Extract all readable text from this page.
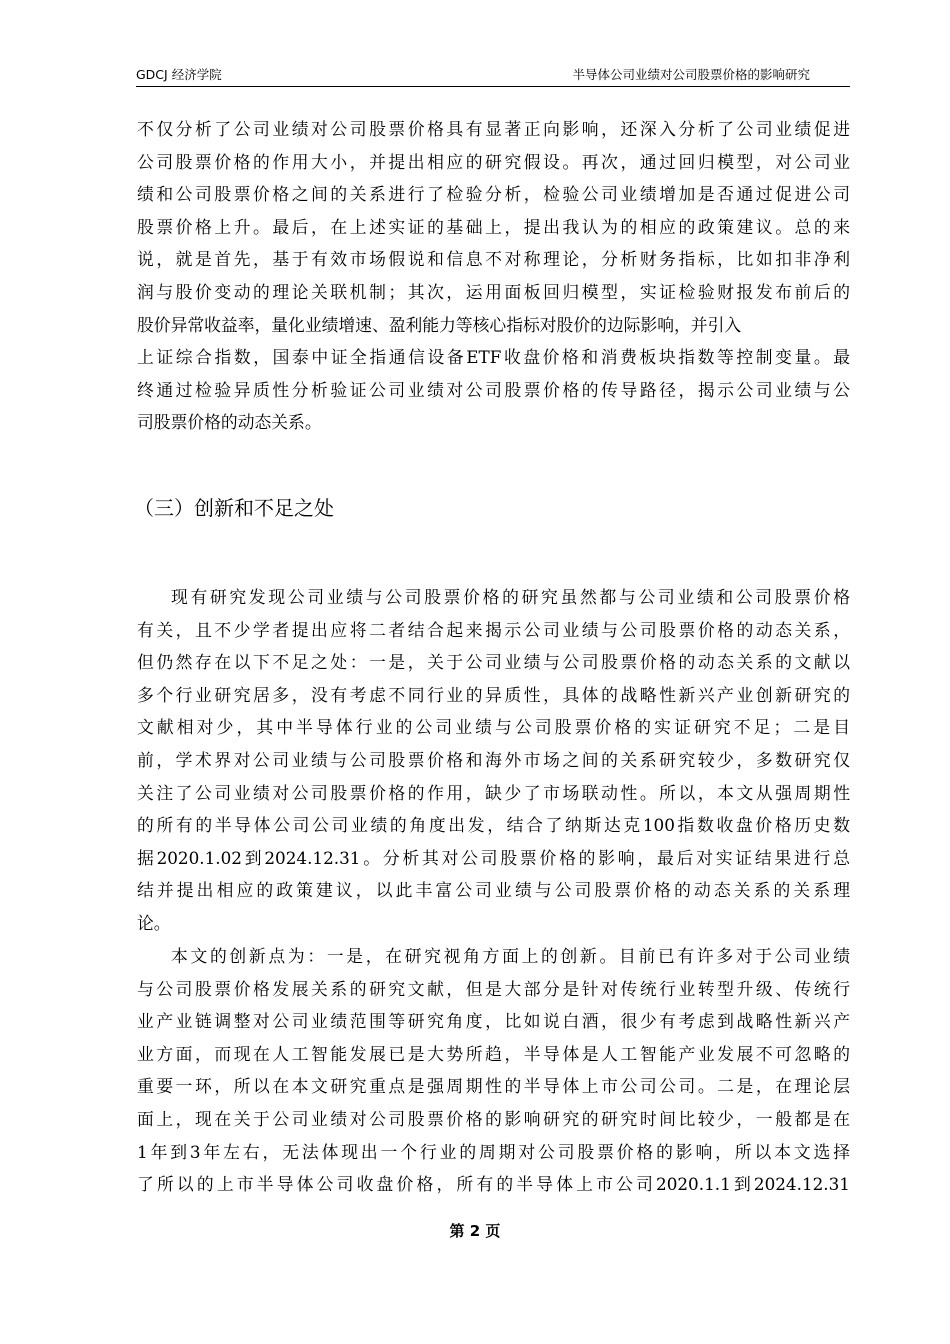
GDCJ 经济学院	半导体公司业绩对公司股票价格的影响研究
不仅分析了公司业绩对公司股票价格具有显著正向影响，还深入分析了公司业绩促进
公司股票价格的作用大小，并提出相应的研究假设。再次，通过回归模型，对公司业
绩和公司股票价格之间的关系进行了检验分析，检验公司业绩增加是否通过促进公司
股票价格上升。最后，在上述实证的基础上，提出我认为的相应的政策建议。总的来
说，就是首先，基于有效市场假说和信息不对称理论，分析财务指标，比如扣非净利
润与股价变动的理论关联机制；其次，运用面板回归模型，实证检验财报发布前后的
股价异常收益率，量化业绩增速、盈利能力等核心指标对股价的边际影响，并引入
上证综合指数，国泰中证全指通信设备ETF收盘价格和消费板块指数等控制变量。最
终通过检验异质性分析验证公司业绩对公司股票价格的传导路径，揭示公司业绩与公
司股票价格的动态关系。
（三）创新和不足之处
现有研究发现公司业绩与公司股票价格的研究虽然都与公司业绩和公司股票价格
有关，且不少学者提出应将二者结合起来揭示公司业绩与公司股票价格的动态关系，
但仍然存在以下不足之处：一是，关于公司业绩与公司股票价格的动态关系的文献以
多个行业研究居多，没有考虑不同行业的异质性，具体的战略性新兴产业创新研究的
文献相对少，其中半导体行业的公司业绩与公司股票价格的实证研究不足；二是目
前，学术界对公司业绩与公司股票价格和海外市场之间的关系研究较少，多数研究仅
关注了公司业绩对公司股票价格的作用，缺少了市场联动性。所以，本文从强周期性
的所有的半导体公司公司业绩的角度出发，结合了纳斯达克100指数收盘价格历史数
据2020.1.02到2024.12.31。分析其对公司股票价格的影响，最后对实证结果进行总
结并提出相应的政策建议，以此丰富公司业绩与公司股票价格的动态关系的关系理
论。
本文的创新点为：一是，在研究视角方面上的创新。目前已有许多对于公司业绩
与公司股票价格发展关系的研究文献，但是大部分是针对传统行业转型升级、传统行
业产业链调整对公司业绩范围等研究角度，比如说白酒，很少有考虑到战略性新兴产
业方面，而现在人工智能发展已是大势所趋，半导体是人工智能产业发展不可忽略的
重要一环，所以在本文研究重点是强周期性的半导体上市公司公司。二是，在理论层
面上，现在关于公司业绩对公司股票价格的影响研究的研究时间比较少，一般都是在
1年到3年左右，无法体现出一个行业的周期对公司股票价格的影响，所以本文选择
了所以的上市半导体公司收盘价格，所有的半导体上市公司2020.1.1到2024.12.31
第 2 页
